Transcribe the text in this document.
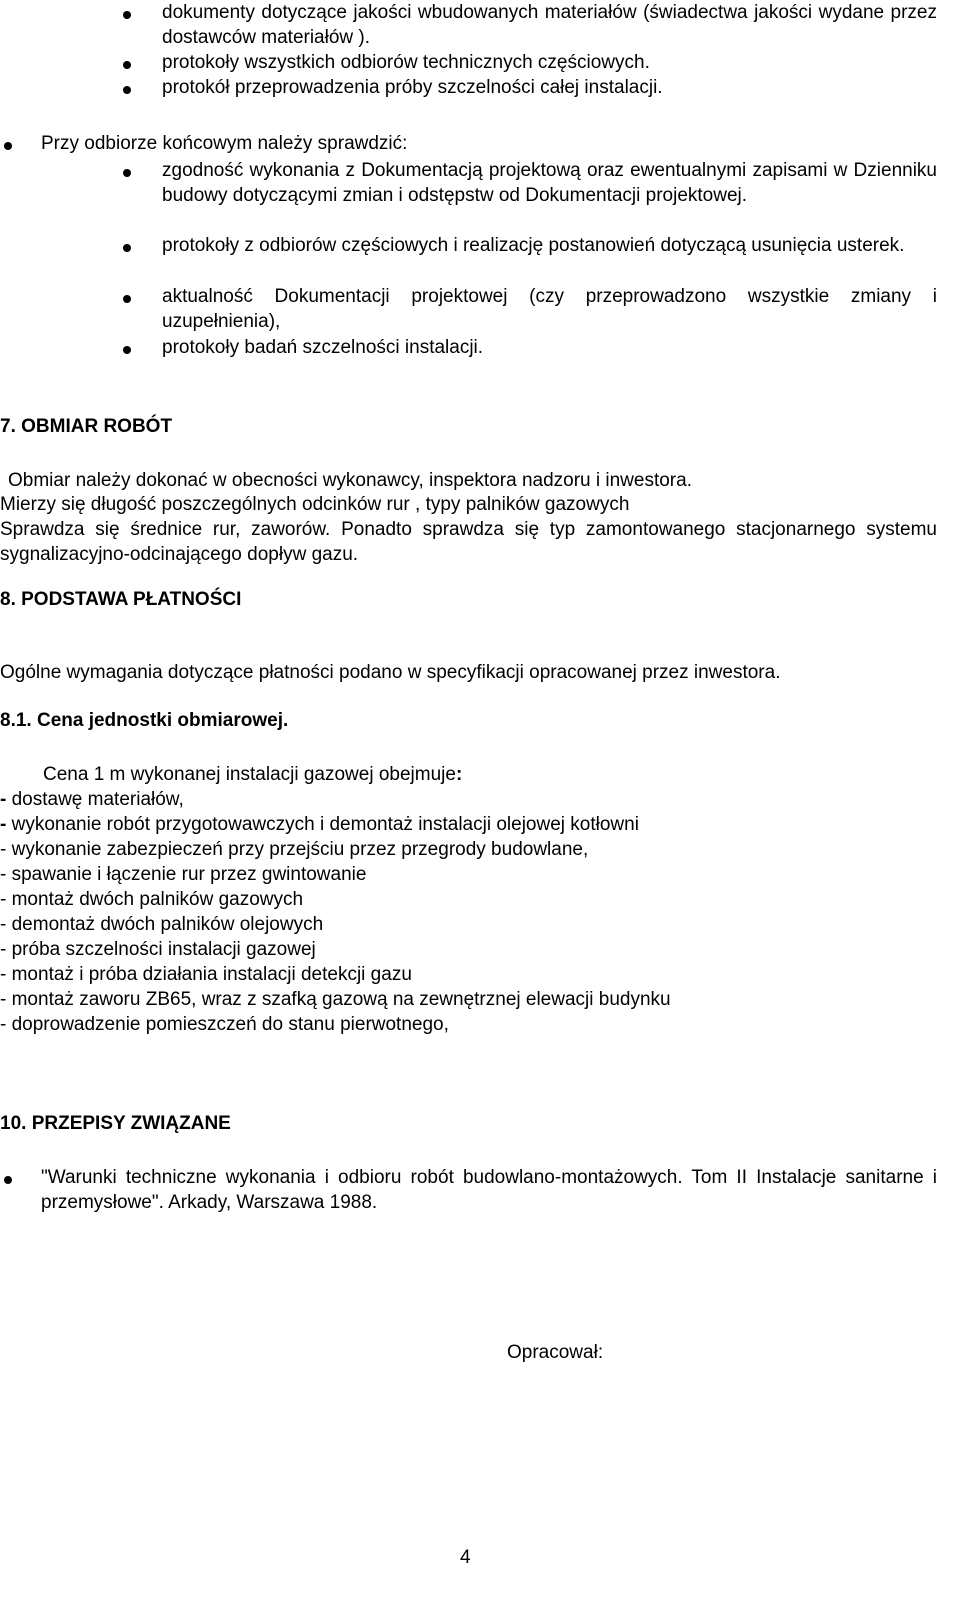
dokumenty dotyczące jakości wbudowanych materiałów (świadectwa jakości wydane przez dostawców materiałów ).
protokoły wszystkich odbiorów technicznych częściowych.
protokół przeprowadzenia próby szczelności całej instalacji.
Przy odbiorze końcowym należy sprawdzić:
zgodność wykonania z Dokumentacją projektową oraz ewentualnymi zapisami w Dzienniku budowy dotyczącymi zmian i odstępstw od Dokumentacji projektowej.
protokoły z odbiorów częściowych i realizację postanowień dotyczącą usunięcia usterek.
aktualność Dokumentacji projektowej (czy przeprowadzono wszystkie zmiany i uzupełnienia),
protokoły badań szczelności instalacji.
7. OBMIAR ROBÓT
Obmiar należy dokonać w obecności wykonawcy, inspektora nadzoru i inwestora.
Mierzy się długość poszczególnych odcinków rur , typy palników gazowych
Sprawdza się średnice rur, zaworów. Ponadto sprawdza się typ zamontowanego stacjonarnego systemu sygnalizacyjno-odcinającego dopływ gazu.
8. PODSTAWA PŁATNOŚCI
Ogólne wymagania dotyczące płatności podano w specyfikacji opracowanej przez inwestora.
8.1. Cena jednostki obmiarowej.
Cena 1 m wykonanej instalacji gazowej obejmuje:
- dostawę materiałów,
- wykonanie robót przygotowawczych i demontaż instalacji olejowej kotłowni
- wykonanie zabezpieczeń przy przejściu przez przegrody budowlane,
- spawanie i łączenie rur przez gwintowanie
- montaż dwóch palników gazowych
- demontaż dwóch palników olejowych
- próba szczelności instalacji gazowej
- montaż i próba działania instalacji detekcji gazu
- montaż zaworu ZB65, wraz z szafką gazową na zewnętrznej elewacji budynku
- doprowadzenie pomieszczeń do stanu pierwotnego,
10. PRZEPISY ZWIĄZANE
"Warunki techniczne wykonania i odbioru robót budowlano-montażowych. Tom II Instalacje sanitarne i przemysłowe". Arkady, Warszawa 1988.
Opracował:
4
